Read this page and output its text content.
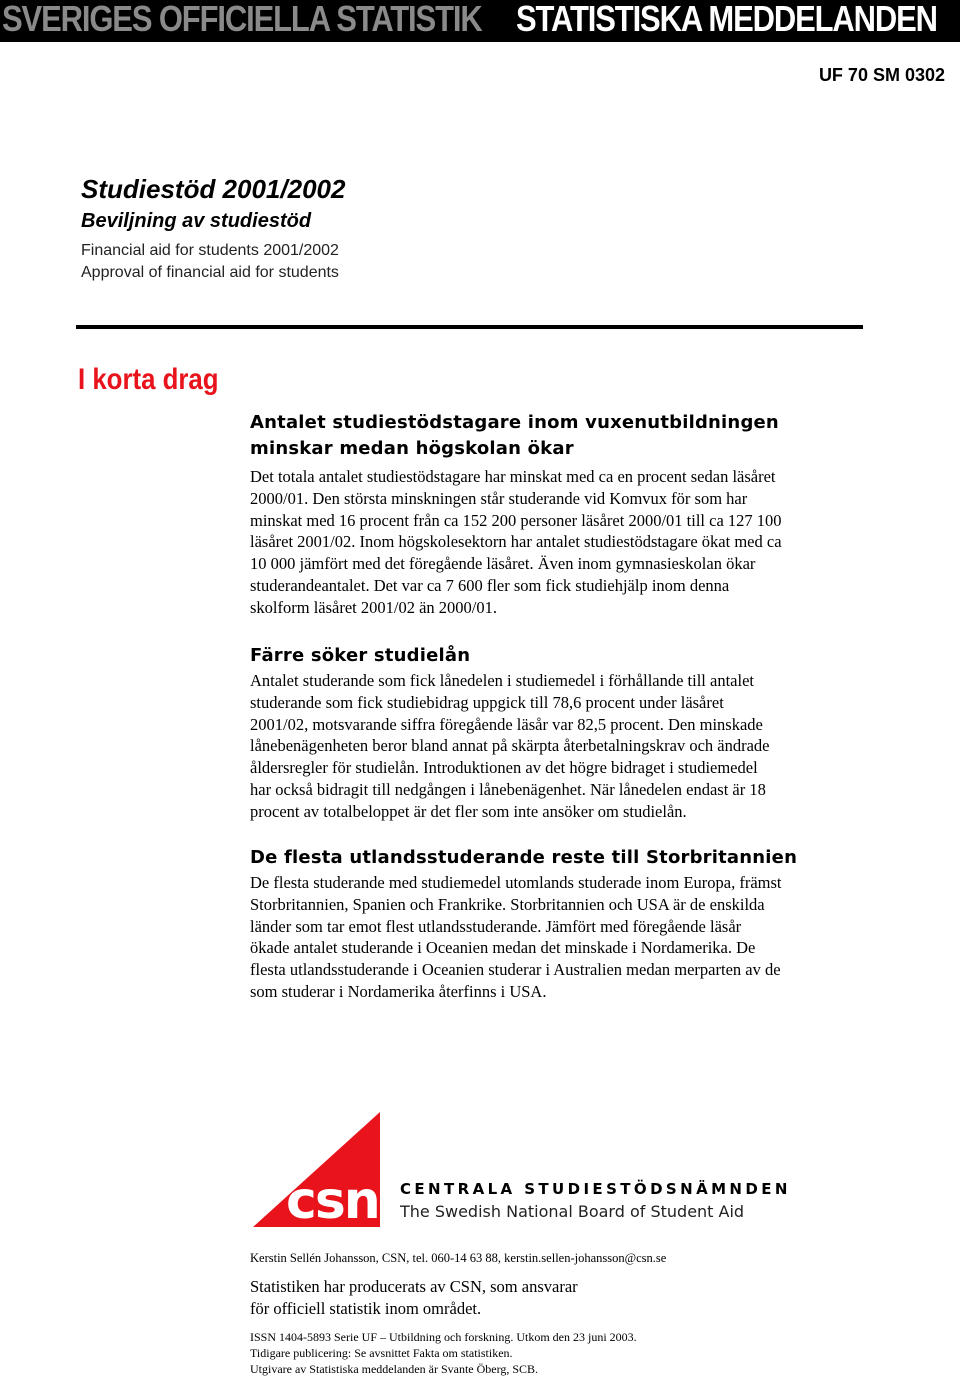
SVERIGES OFFICIELLA STATISTIK STATISTISKA MEDDELANDEN
UF 70 SM 0302
Studiestöd 2001/2002
Beviljning av studiestöd
Financial aid for students 2001/2002
Approval of financial aid for students
I korta drag
Antalet studiestödstagare inom vuxenutbildningen
minskar medan högskolan ökar
Det totala antalet studiestödstagare har minskat med ca en procent sedan läsåret
2000/01. Den största minskningen står studerande vid Komvux för som har
minskat med 16 procent från ca 152 200 personer läsåret 2000/01 till ca 127 100
läsåret 2001/02. Inom högskolesektorn har antalet studiestödstagare ökat med ca
10 000 jämfört med det föregående läsåret. Även inom gymnasieskolan ökar
studerandeantalet. Det var ca 7 600 fler som fick studiehjälp inom denna
skolform läsåret 2001/02 än 2000/01.
Färre söker studielån
Antalet studerande som fick lånedelen i studiemedel i förhållande till antalet
studerande som fick studiebidrag uppgick till 78,6 procent under läsåret
2001/02, motsvarande siffra föregående läsår var 82,5 procent. Den minskade
lånebenägenheten beror bland annat på skärpta återbetalningskrav och ändrade
åldersregler för studielån. Introduktionen av det högre bidraget i studiemedel
har också bidragit till nedgången i lånebenägenhet. När lånedelen endast är 18
procent av totalbeloppet är det fler som inte ansöker om studielån.
De flesta utlandsstuderande reste till Storbritannien
De flesta studerande med studiemedel utomlands studerade inom Europa, främst
Storbritannien, Spanien och Frankrike. Storbritannien och USA är de enskilda
länder som tar emot flest utlandsstuderande. Jämfört med föregående läsår
ökade antalet studerande i Oceanien medan det minskade i Nordamerika. De
flesta utlandsstuderande i Oceanien studerar i Australien medan merparten av de
som studerar i Nordamerika återfinns i USA.
csn CENTRALA STUDIESTÖDSNÄMNDEN
The Swedish National Board of Student Aid
Kerstin Sellén Johansson, CSN, tel. 060-14 63 88, kerstin.sellen-johansson@csn.se
Statistiken har producerats av CSN, som ansvarar
för officiell statistik inom området.
ISSN 1404-5893 Serie UF – Utbildning och forskning. Utkom den 23 juni 2003.
Tidigare publicering: Se avsnittet Fakta om statistiken.
Utgivare av Statistiska meddelanden är Svante Öberg, SCB.
